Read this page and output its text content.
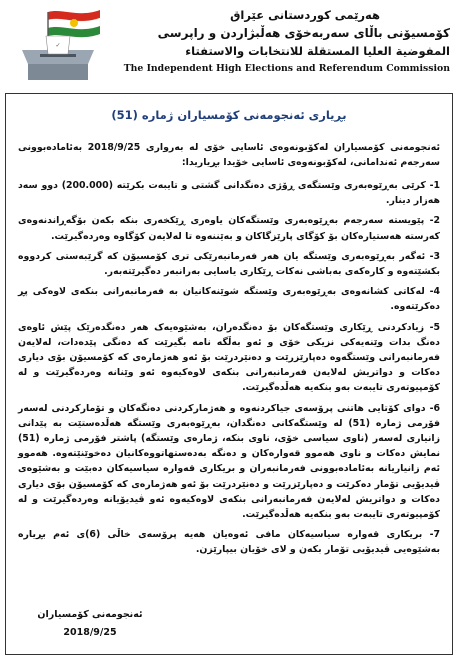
✓
هەرێمی کوردستانی عێراق
کۆمسیۆنی باڵای سەربەخۆی هەڵبژاردن و راپرسی
المفوضية العليا المستقلة للانتخابات والاستفتاء
The Independent High Elections and Referendum Commission
بڕیاری ئەنجومەنی کۆمسیاران ژمارە (51)
ئەنجومەنی کۆمسیاران لەکۆبونەوەی ئاسایی خۆی لە بەرواری 2018/9/25 بەئامادەبوونی سەرجەم ئەندامانی، لەکۆبونەوەی ئاسایی خۆیدا بڕیاریدا:
1- کرێی بەڕێوەبەری وێستگەی ڕۆژی دەنگدانی گشتی و تایبەت بکرێتە (200.000) دوو سەد هەزار دینار.
2- پێویستە سەرجەم بەڕێوەبەری وێستگەکان یاوەری ڕێکخەری بنکە بکەن بۆگەڕاندنەوەی کەرستە هەستیارەکان بۆ کۆگای پارێزگاکان و بەێننەوە تا لەلایەن کۆگاوە وەردەگیرێت.
3- ئەگەر بەڕێوەبەری وێستگە یان هەر فەرمانبەرێکی تری کۆمسیۆن کە گرێبەستی کردووە بکشێتەوە و کارەکەی بەباشی نەکات ڕێکاری یاسایی بەرانبەر دەگیرێتەبەر.
4- لەکاتی کشانەوەی بەڕێوەبەری وێستگە شوێنەکانیان بە فەرمانبەرانی بنکەی لاوەکی پڕ دەکرێتەوە.
5- زیادکردنی ڕێکاری وێستگەکان بۆ دەنگدەران، بەشێوەیەک هەر دەنگدەرێک پێش ئاوەی دەنگ بدات وێنەیەکی نزیکی خۆی و ئەو بەڵگە نامە بگیرێت کە دەنگی پێدەدات، لەلایەن فەرمانبەرانی وێستگەوە دەپارێزرێت و دەنێردرێت بۆ ئەو هەژمارەی کە کۆمسیۆن بۆی دیاری دەکات و دواتریش لەلایەن فەرمانبەرانی بنکەی لاوەکیەوە ئەو وێنانە وەردەگیرێت و لە کۆمپیوتەری تایبەت بەو بنکەیە هەڵدەگیرێت.
6- دوای کۆتایی هاتنی پرۆسەی جیاکردنەوە و هەژمارکردنی دەنگەکان و تۆمارکردنی لەسەر فۆرمی ژمارە (51) لە وێستگەکانی دەنگدان، بەڕێوەبەری وێستگە هەڵدەستێت بە پێدانی زانیاری لەسەر (ناوی سیاسی خۆی، ناوی بنکە، ژمارەی وێستگە) پاشتر فۆرمی ژمارە (51) نمایش دەکات و ناوی هەموو قەوارەکان و دەنگە بەدەستهاتووەکانیان دەخوێنێتەوە. هەموو ئەم زانیاریانە بەئامادەبوونی فەرمانبەران و بریکاری قەوارە سیاسیەکان دەبێت و بەشێوەی ڤیدیۆیی تۆمار دەکرێت و دەپارێزرێت و دەنێردرێت بۆ ئەو هەژمارەی کە کۆمسیۆن بۆی دیاری دەکات و دواتریش لەلایەن فەرمانبەرانی بنکەی لاوەکیەوە ئەو ڤیدیۆیانە وەردەگیرێت و لە کۆمپیوتەری تایبەت بەو بنکەیە هەڵدەگیرێت.
7- بریکاری قەوارە سیاسیەکان مافی ئەوەیان هەیە پرۆسەی خاڵی (6)ی ئەم بڕیارە بەشێوەیی ڤیدیۆیی تۆمار بکەن و لای خۆیان بیپارێزن.
ئەنجومەنی کۆمسیاران
2018/9/25
